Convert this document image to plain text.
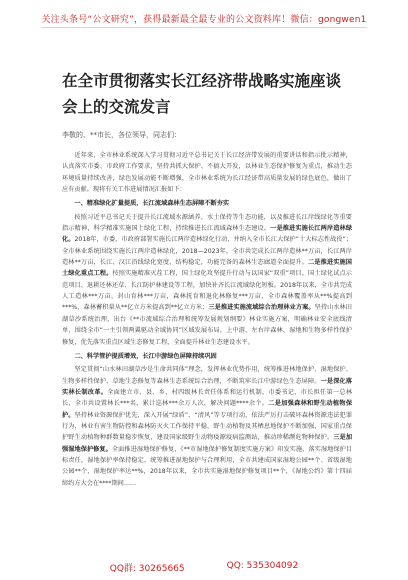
关注头条号“公文研究”，获得最新最全最专业的公文资料库！微信：gongwen1
在全市贯彻落实长江经济带战略实施座谈会上的交流发言
李敬的、**市长，各位领导，同志们：

近年来，全市林业系统深入学习贯彻习近平总书记关于长江经济带发展的重要讲话和指示批示精神，认真落实市委、市政府工作要求，坚持共抓大保护、不搞大开发，以林业生态保护修复为重点，推动生态环境质量持续改善，绿色发展动能不断增强，全市林业系统为长江经济带高质量发展的绿色底色，做出了应有贡献。现将有关工作进展情况汇报如下：

一、精准绿化扩量提质，长江流域森林生态屏障不断夯实

按照习近平总书记关于提升长江流域水源涵养、水土保持等生态功能，以及推进长江岸线绿化等重要指示精神，科学精准实施国土绿化工程，持续推进长江流域森林生态建设。一是推进实施长江两岸造林绿化。2018年，市委、市政府部署实施长江两岸造林绿化行动，并纳入全市长江大保护“十大标志性战役”；全市林业系统围绕实施长江两岸造林绿化，2018—2023年，全市共完成长江两岸造林**万亩，长江两岸造林**万亩，长江、汉江沿线绿化宽度，结构稳定，功能完备的森林生态廊道全面提升。二是推进实施国土绿化重点工程。按照实施精准灭茬工程，国土绿化攻坚提升行动与以国家“双重”项目、国土绿化试点示范项目、退耕还林还草、长江防护林建设等工程，加快补齐长江流域绿化短板。2018年以来，全市共完成人工造林***万亩，封山育林***万亩，森林抚育和退化林修复***万亩，全市森林覆盖率从**%提高到***%，森林蓄积量从**亿立方米提高到**亿立方米；三是推进实施流域综合治理林业方案。坚持山水林田湖草沙系统治理，出台《**市流域综合治理和统筹发展规划纲要》林业实施方案，明确林业安全底线清单，围绕全市“一主引领两翼驱动全域协同”区域发展布局，上中游、左右岸森林、湿地和生物多样性保护修复，优先落实重点区域生态修复工程，全面提升林业生态建设水平。

二、科学管护提质增效，长江中游绿色屏障持续巩固

坚定贯彻“山水林田湖草沙是生命共同体”理念，发挥林业优势作用，统筹推进林地保护、湿地保护、生物多样性保护、草地生态修复等森林生态系统综合治理，不断筑牢长江中游绿色生态屏障。一是深化落实林长制改革。全面建立市、县、乡、村四级林长责任体系和运行机制，市委书记、市长担任第一总林长，全市共设置林长***名，累计巡林***余万人次，解决问题****余个。二是加强森林和野生动植物保护。坚持林业资源保护优先，深入开展“绿盾”、“清风”等专项行动，依法严厉打击破坏森林资源违法犯罪行为，林业有害生物防控和森林防灭火工作保持平稳，野生动植物及其栖息地保护不断加强，国家重点保护野生动植物种群数量稳步恢复，建设国家级野生动物疫源疫病监测站，推动珍稀濒危物种保护。三是加强湿地保护修复。全面推进湿地保护修复，《**市湿地保护修复制度实施方案》印发实施，落实湿地保护目标责任，湿地保护率保持稳定，统筹推进湿地保护与合理利用，全市共建成国家湿地公园**个、省级湿地公园**个，湿地保护率达**%，2018年以来，全市共实施湿地保护修复项目**个，《湿地公约》第十四届缔约方大会在****期间……

QQ群: 30265665	QQ: 535304092
